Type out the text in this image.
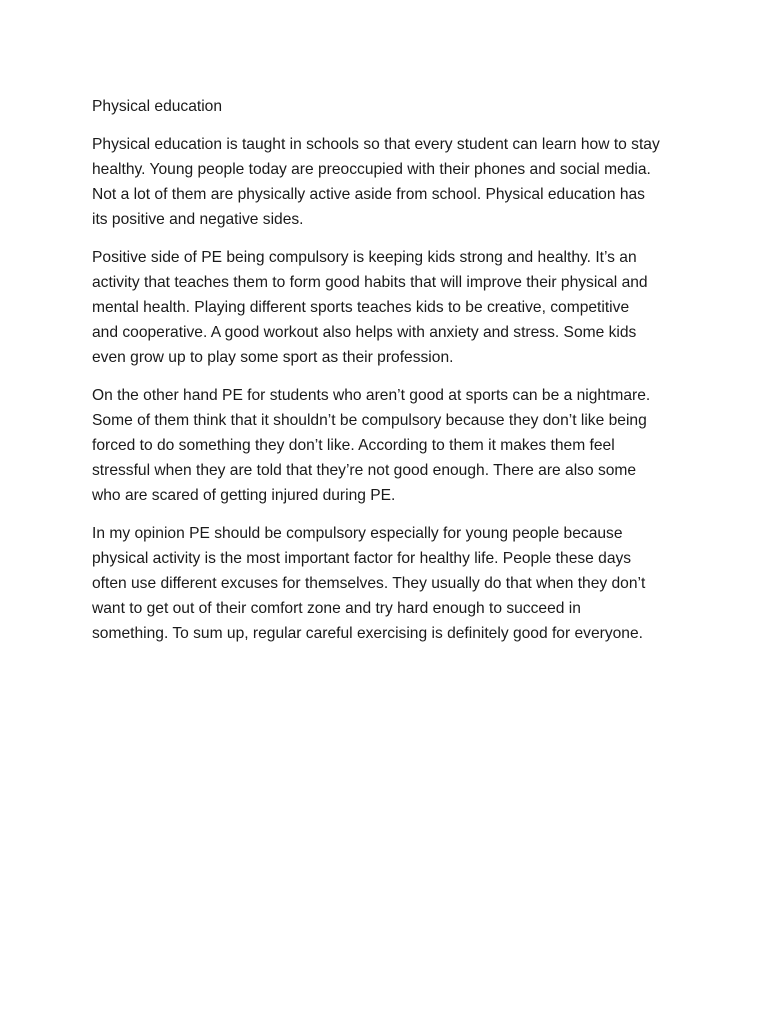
Physical education

Physical education is taught in schools so that every student can learn how to stay
healthy. Young people today are preoccupied with their phones and social media.
Not a lot of them are physically active aside from school. Physical education has
its positive and negative sides.

Positive side of PE being compulsory is keeping kids strong and healthy. It’s an
activity that teaches them to form good habits that will improve their physical and
mental health. Playing different sports teaches kids to be creative, competitive
and cooperative. A good workout also helps with anxiety and stress. Some kids
even grow up to play some sport as their profession.

On the other hand PE for students who aren’t good at sports can be a nightmare.
Some of them think that it shouldn’t be compulsory because they don’t like being
forced to do something they don’t like. According to them it makes them feel
stressful when they are told that they’re not good enough. There are also some
who are scared of getting injured during PE.

In my opinion PE should be compulsory especially for young people because
physical activity is the most important factor for healthy life. People these days
often use different excuses for themselves. They usually do that when they don’t
want to get out of their comfort zone and try hard enough to succeed in
something. To sum up, regular careful exercising is definitely good for everyone.
